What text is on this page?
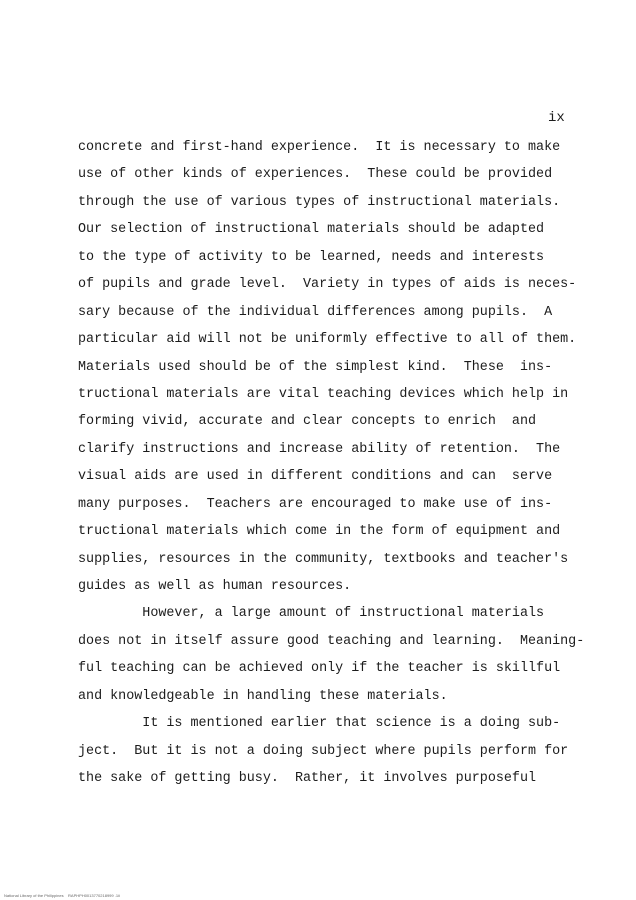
ix
concrete and first-hand experience.  It is necessary to make
use of other kinds of experiences.  These could be provided
through the use of various types of instructional materials.
Our selection of instructional materials should be adapted
to the type of activity to be learned, needs and interests
of pupils and grade level.  Variety in types of aids is neces-
sary because of the individual differences among pupils.  A
particular aid will not be uniformly effective to all of them.
Materials used should be of the simplest kind.  These  ins-
tructional materials are vital teaching devices which help in
forming vivid, accurate and clear concepts to enrich  and
clarify instructions and increase ability of retention.  The
visual aids are used in different conditions and can  serve
many purposes.  Teachers are encouraged to make use of ins-
tructional materials which come in the form of equipment and
supplies, resources in the community, textbooks and teacher's
guides as well as human resources.
However, a large amount of instructional materials
does not in itself assure good teaching and learning.  Meaning-
ful teaching can be achieved only if the teacher is skillful
and knowledgeable in handling these materials.
It is mentioned earlier that science is a doing sub-
ject.  But it is not a doing subject where pupils perform for
the sake of getting busy.  Rather, it involves purposeful
National Library of the Philippines    RAPHPH0013770218999 .1ii
